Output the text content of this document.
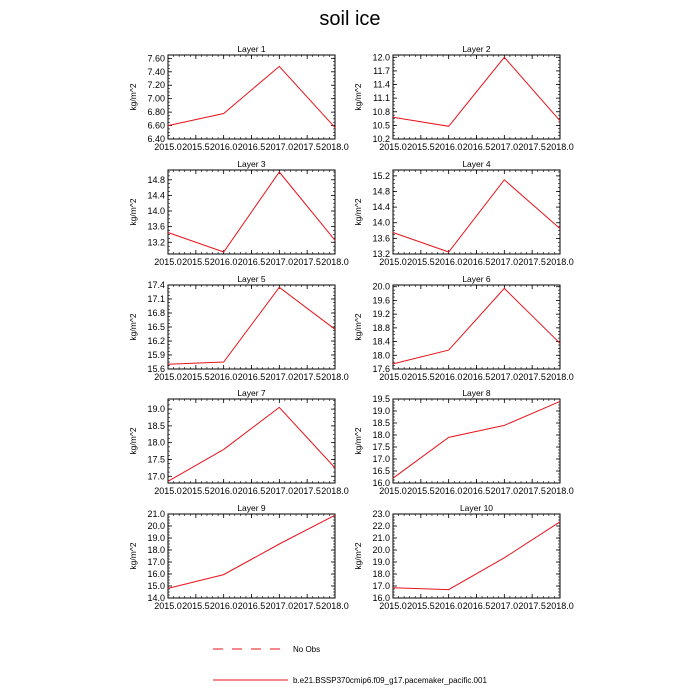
soil ice
Layer 1
2015.0 2015.5 2016.0 2016.5 2017.0 2017.5 2018.0
6.40
6.60
6.80
7.00
7.20
7.40
7.60
kg/m^2
Layer 2
2015.0 2015.5 2016.0 2016.5 2017.0 2017.5 2018.0
10.2
10.5
10.8
11.1
11.4
11.7
12.0
kg/m^2
Layer 3
2015.0 2015.5 2016.0 2016.5 2017.0 2017.5 2018.0
13.2
13.6
14.0
14.4
14.8
kg/m^2
Layer 4
2015.0 2015.5 2016.0 2016.5 2017.0 2017.5 2018.0
13.2
13.6
14.0
14.4
14.8
15.2
kg/m^2
Layer 5
2015.0 2015.5 2016.0 2016.5 2017.0 2017.5 2018.0
15.6
15.9
16.2
16.5
16.8
17.1
17.4
kg/m^2
Layer 6
2015.0 2015.5 2016.0 2016.5 2017.0 2017.5 2018.0
17.6
18.0
18.4
18.8
19.2
19.6
20.0
kg/m^2
Layer 7
2015.0 2015.5 2016.0 2016.5 2017.0 2017.5 2018.0
17.0
17.5
18.0
18.5
19.0
kg/m^2
Layer 8
2015.0 2015.5 2016.0 2016.5 2017.0 2017.5 2018.0
16.0
16.5
17.0
17.5
18.0
18.5
19.0
19.5
kg/m^2
Layer 9
2015.0 2015.5 2016.0 2016.5 2017.0 2017.5 2018.0
14.0
15.0
16.0
17.0
18.0
19.0
20.0
21.0
kg/m^2
Layer 10
2015.0 2015.5 2016.0 2016.5 2017.0 2017.5 2018.0
16.0
17.0
18.0
19.0
20.0
21.0
22.0
23.0
kg/m^2
No Obs
b.e21.BSSP370cmip6.f09_g17.pacemaker_pacific.001
